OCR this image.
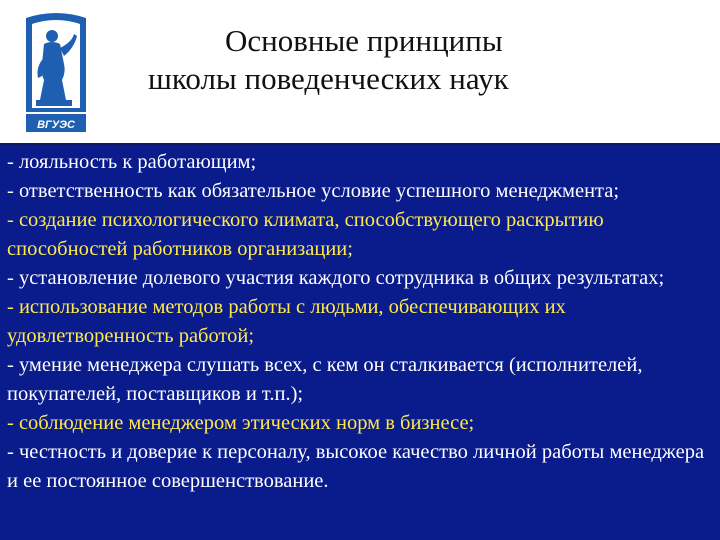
ВГУЭС
Основные принципы
школы поведенческих наук
- лояльность к работающим;
- ответственность как обязательное условие успешного менеджмента;
- создание психологического климата, способствующего раскрытию способностей работников организации;
- установление долевого участия каждого сотрудника в общих результатах;
- использование методов работы с людьми, обеспечивающих их удовлетворенность работой;
- умение менеджера слушать всех, с кем он сталкивается (исполнителей, покупателей, поставщиков и т.п.);
- соблюдение менеджером этических норм в бизнесе;
- честность и доверие к персоналу, высокое качество личной работы менеджера и ее постоянное совершенствование.
